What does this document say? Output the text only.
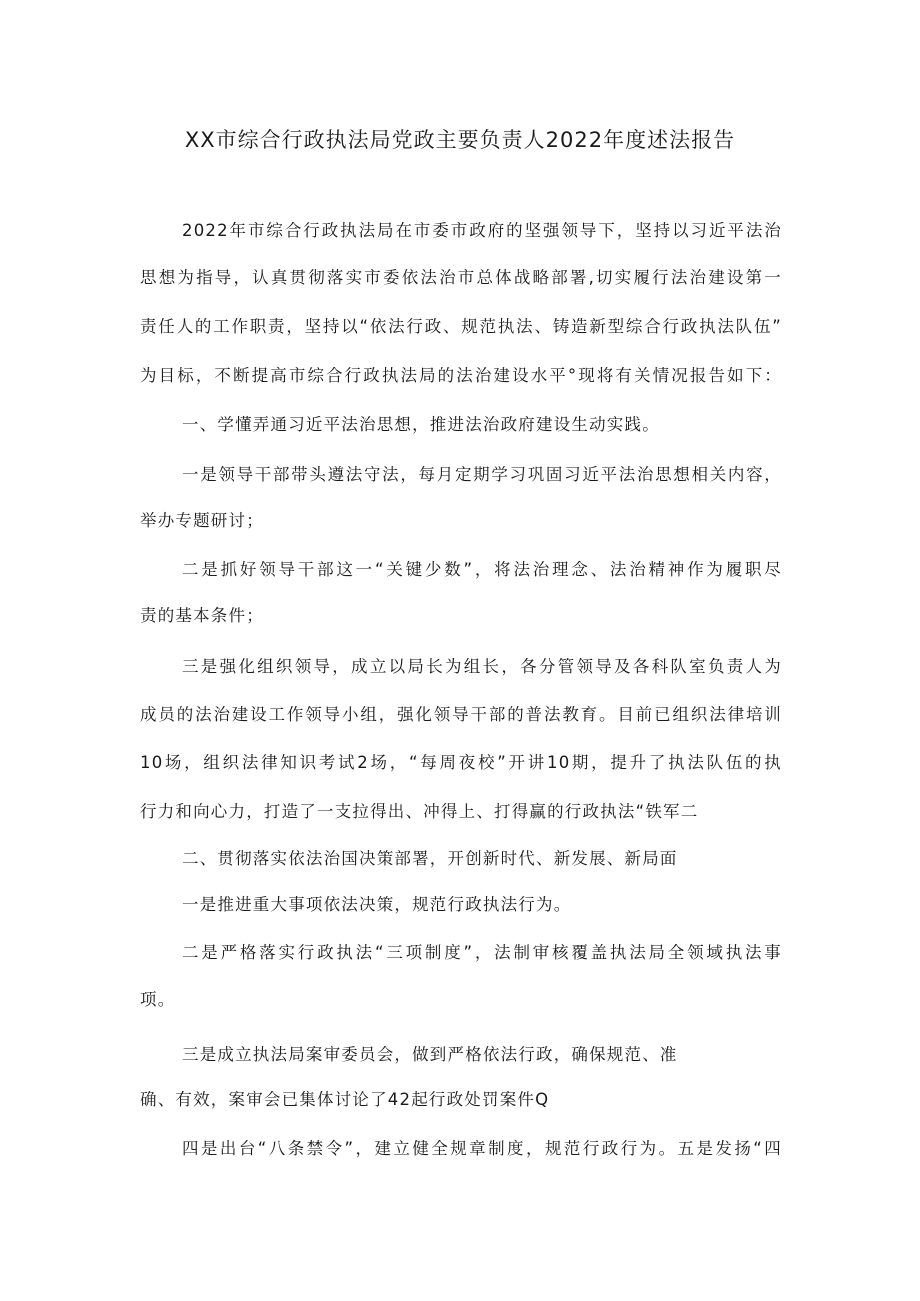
XX市综合行政执法局党政主要负责人2022年度述法报告
2022年市综合行政执法局在市委市政府的坚强领导下，坚持以习近平法治
思想为指导，认真贯彻落实市委依法治市总体战略部署,切实履行法治建设第一
责任人的工作职责，坚持以“依法行政、规范执法、铸造新型综合行政执法队伍”
为目标，不断提高市综合行政执法局的法治建设水平°现将有关情况报告如下：
一、学懂弄通习近平法治思想，推进法治政府建设生动实践。
一是领导干部带头遵法守法，每月定期学习巩固习近平法治思想相关内容，
举办专题研讨；
二是抓好领导干部这一“关键少数”，将法治理念、法治精神作为履职尽
责的基本条件；
三是强化组织领导，成立以局长为组长，各分管领导及各科队室负责人为
成员的法治建设工作领导小组，强化领导干部的普法教育。目前已组织法律培训
10场，组织法律知识考试2场，“每周夜校”开讲10期，提升了执法队伍的执
行力和向心力，打造了一支拉得出、冲得上、打得赢的行政执法“铁军二
二、贯彻落实依法治国决策部署，开创新时代、新发展、新局面
一是推进重大事项依法决策，规范行政执法行为。
二是严格落实行政执法“三项制度”，法制审核覆盖执法局全领域执法事
项。
三是成立执法局案审委员会，做到严格依法行政，确保规范、准
确、有效，案审会已集体讨论了42起行政处罚案件Q
四是出台“八条禁令”，建立健全规章制度，规范行政行为。五是发扬“四
